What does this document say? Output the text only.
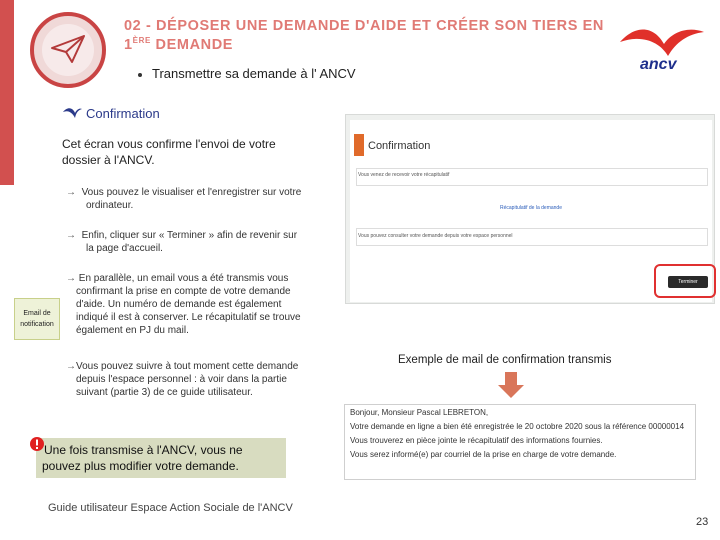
02 - DÉPOSER UNE DEMANDE D'AIDE ET CRÉER SON TIERS EN
1ÈRE DEMANDE
ancv
Transmettre sa demande à l' ANCV
Confirmation
Cet écran vous confirme l'envoi de votre
dossier à l'ANCV.
→ Vous pouvez le visualiser et l'enregistrer sur votre
ordinateur.
→ Enfin, cliquer sur « Terminer » afin de revenir sur
la page d'accueil.
→ En parallèle, un email vous a été transmis vous
confirmant la prise en compte de votre demande
d'aide. Un numéro de demande est également
indiqué il est à conserver. Le récapitulatif se trouve
également en PJ du mail.
Email de
notification
→Vous pouvez suivre à tout moment cette demande
depuis l'espace personnel : à voir dans la partie
suivant (partie 3) de ce guide utilisateur.
Confirmation
Vous venez de recevoir votre récapitulatif
Récapitulatif de la demande
Vous pouvez consulter votre demande depuis votre espace personnel
Terminer
Exemple de mail de confirmation transmis
Bonjour, Monsieur Pascal LEBRETON,
Votre demande en ligne a bien été enregistrée le 20 octobre 2020 sous la référence 00000014
Vous trouverez en pièce jointe le récapitulatif des informations fournies.
Vous serez informé(e) par courriel de la prise en charge de votre demande.
Une fois transmise à l'ANCV, vous ne
pouvez plus modifier votre demande.
Guide utilisateur Espace Action Sociale de l'ANCV
23
